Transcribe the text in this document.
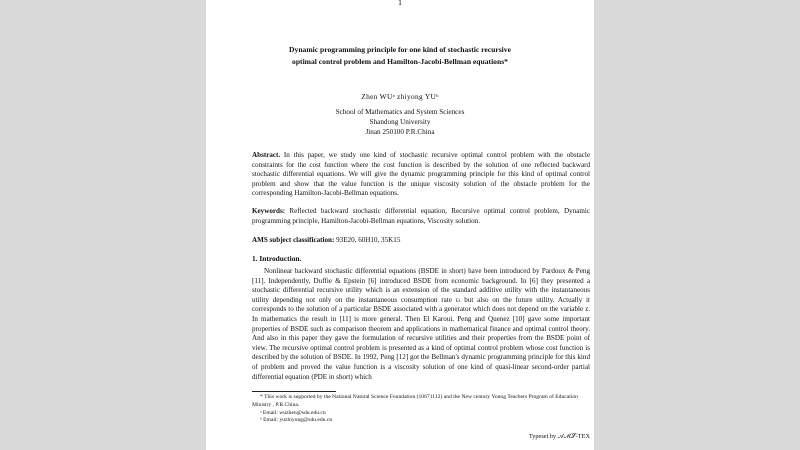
1
Dynamic programming principle for one kind of stochastic recursive
optimal control problem and Hamilton-Jacobi-Bellman equations*
Zhen WUᵃ zhiyong YUᵇ
School of Mathematics and System Sciences
Shandong University
Jinan 250100 P.R.China
Abstract. In this paper, we study one kind of stochastic recursive optimal control problem with the obstacle constraints for the cost function where the cost function is described by the solution of one reflected backward stochastic differential equations. We will give the dynamic programming principle for this kind of optimal control problem and show that the value function is the unique viscosity solution of the obstacle problem for the corresponding Hamilton-Jacobi-Bellman equations.
Keywords: Reflected backward stochastic differential equation, Recursive optimal control problem, Dynamic programming principle, Hamilton-Jacobi-Bellman equations, Viscosity solution.
AMS subject classification: 93E20, 60H10, 35K15
1. Introduction.
Nonlinear backward stochastic differential equations (BSDE in short) have been introduced by Pardoux & Peng [11]. Independently, Duffie & Epstein [6] introduced BSDE from economic background. In [6] they presented a stochastic differential recursive utility which is an extension of the standard additive utility with the instantaneous utility depending not only on the instantaneous consumption rate cₜ but also on the future utility. Actually it corresponds to the solution of a particular BSDE associated with a generator which does not depend on the variable z. In mathematics the result in [11] is more general. Then El Karoui, Peng and Quenez [10] gave some important properties of BSDE such as comparison theorem and applications in mathematical finance and optimal control theory. And also in this paper they gave the formulation of recursive utilities and their properties from the BSDE point of view. The recursive optimal control problem is presented as a kind of optimal control problem whose cost function is described by the solution of BSDE. In 1992, Peng [12] got the Bellman's dynamic programming principle for this kind of problem and proved the value function is a viscosity solution of one kind of quasi-linear second-order partial differential equation (PDE in short) which
* This work is supported by the National Natural Science Foundation (10671112) and the New century Young Teachers Program of Education Ministry , P.R.China.
ᵃ Email: wuzhen@sdu.edu.cn
ᵇ Email: yuzhiyong@sdu.edu.cn
Typeset by 𝒜ℳ𝒮-TEX
